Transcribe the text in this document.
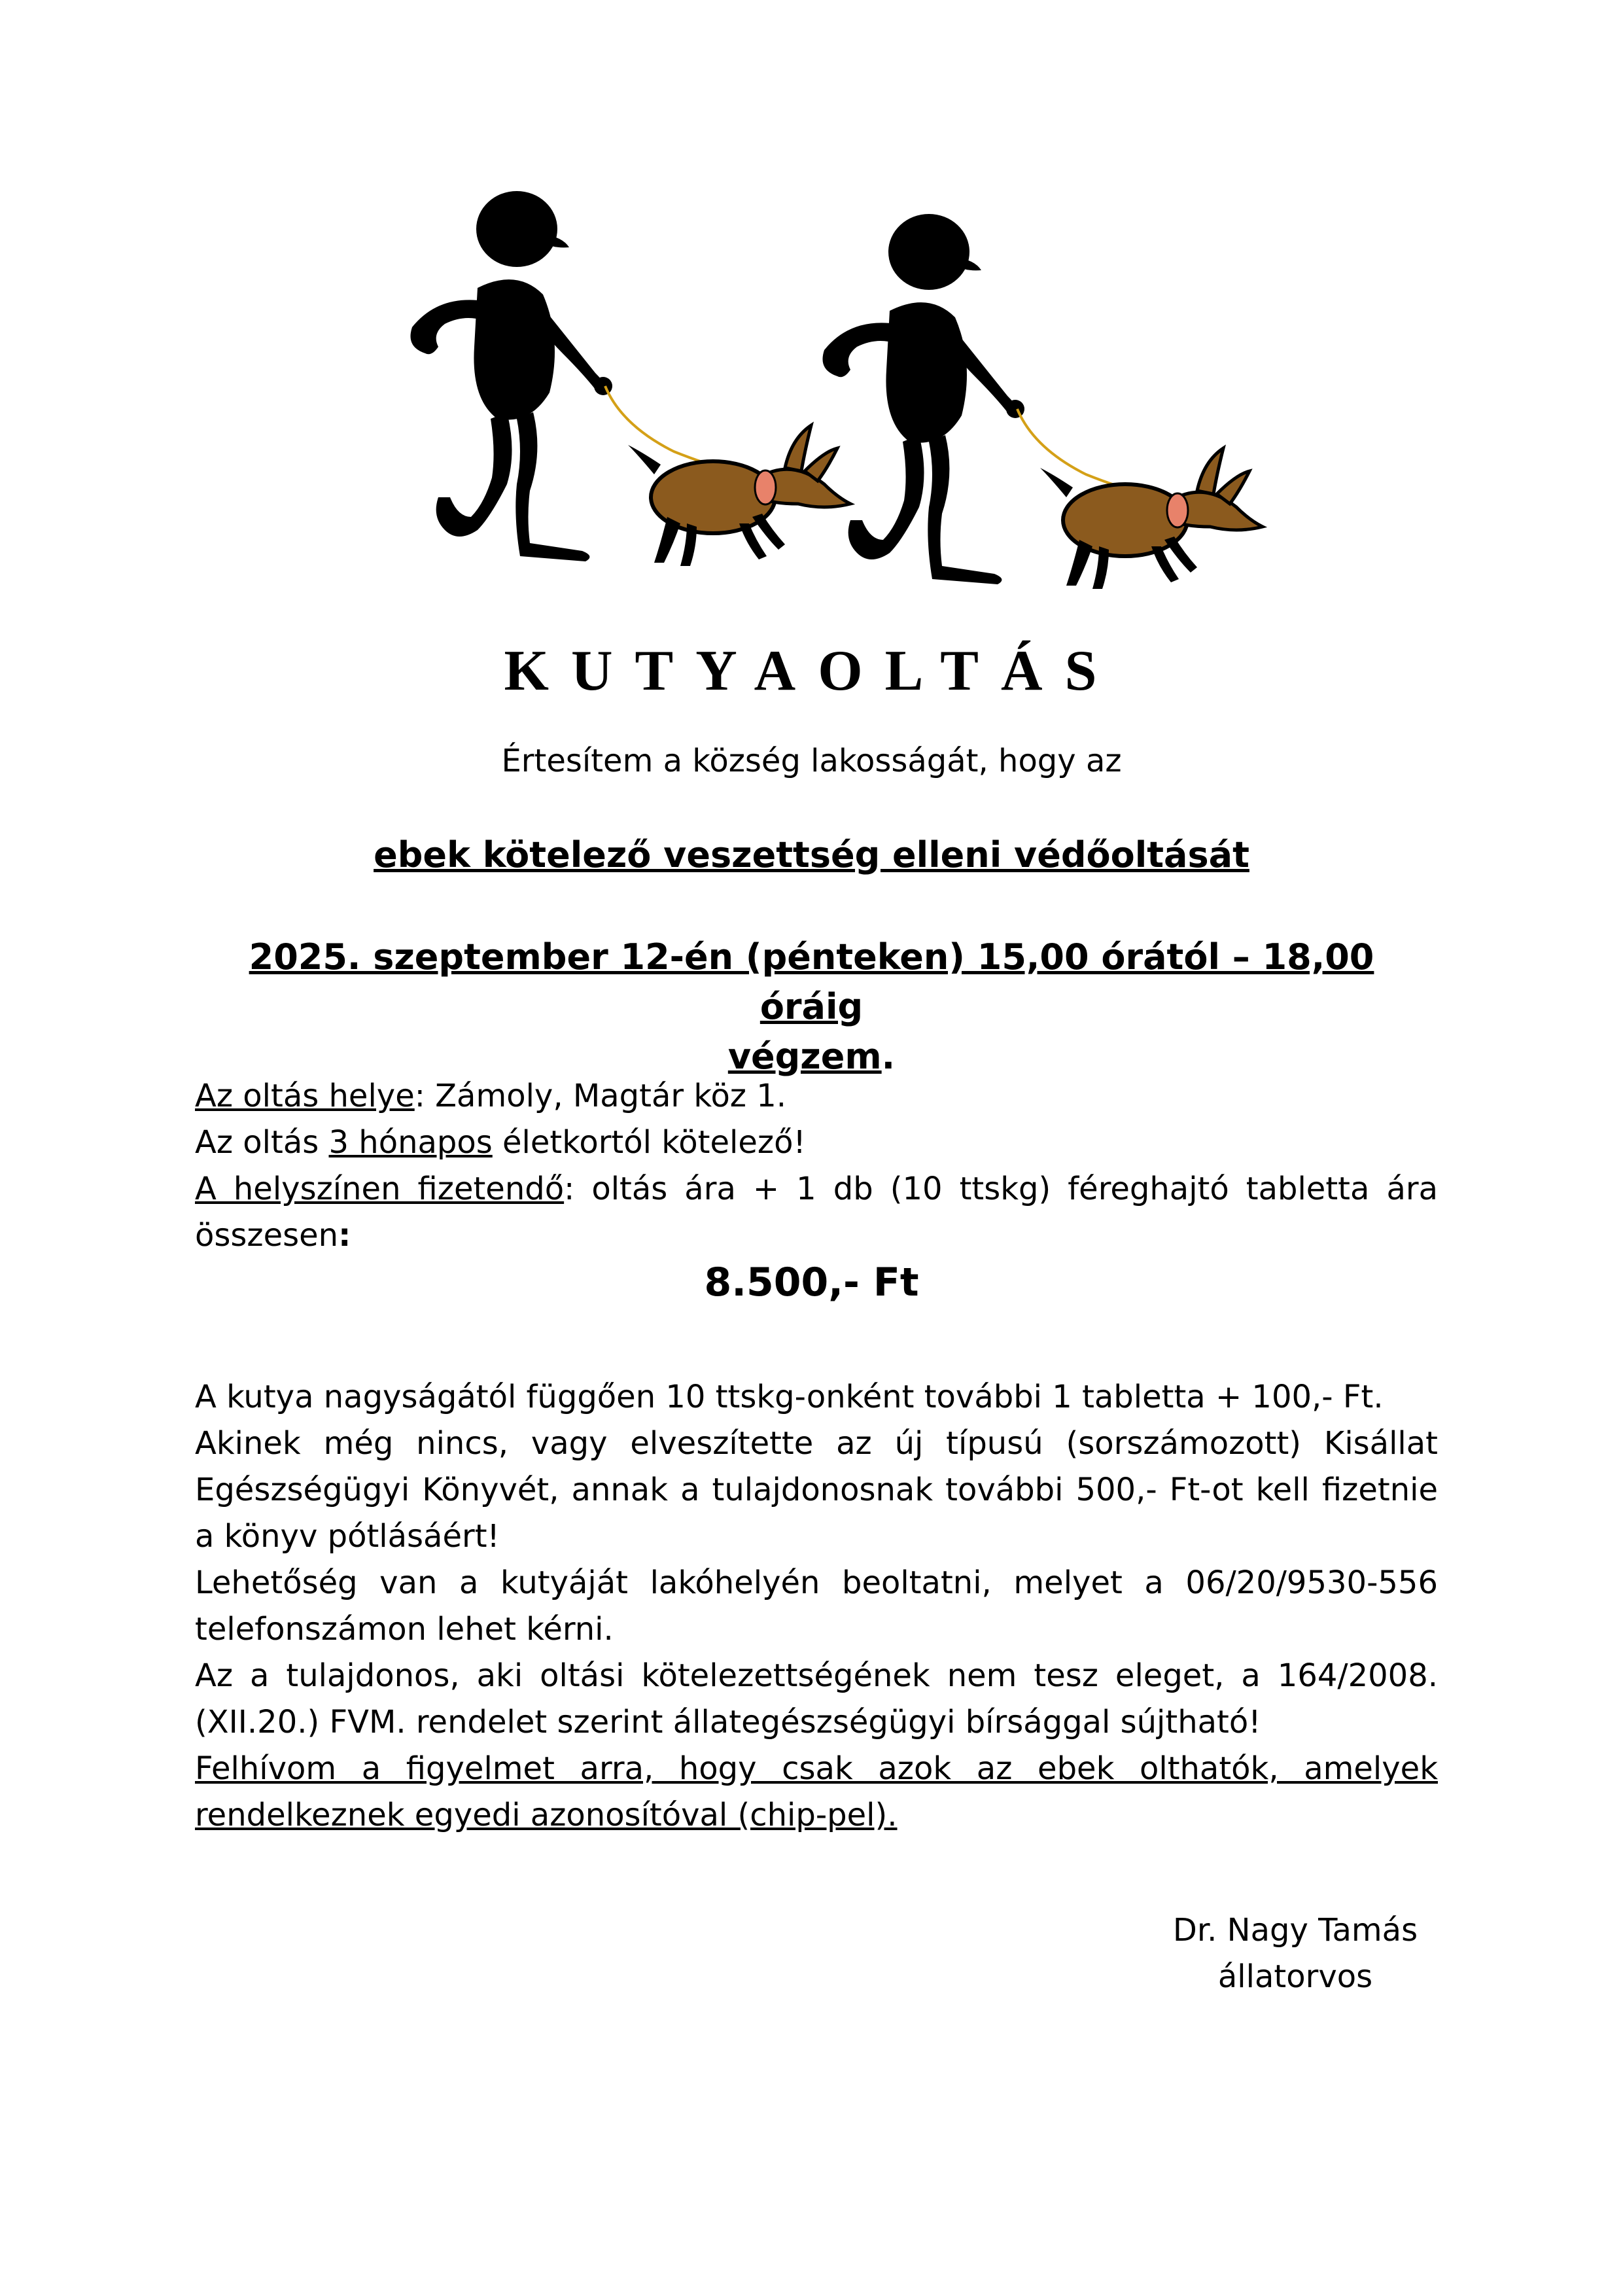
KUTYAOLTÁS

Értesítem a község lakosságát, hogy az

ebek kötelező veszettség elleni védőoltását

2025. szeptember 12-én (pénteken) 15,00 órától – 18,00 óráig
végzem.

Az oltás helye: Zámoly, Magtár köz 1.

Az oltás 3 hónapos életkortól kötelező!

A helyszínen fizetendő: oltás ára + 1 db (10 ttskg) féreghajtó tabletta ára összesen:

8.500,- Ft

A kutya nagyságától függően 10 ttskg-onként további 1 tabletta + 100,- Ft.

Akinek még nincs, vagy elveszítette az új típusú (sorszámozott) Kisállat Egészségügyi Könyvét, annak a tulajdonosnak további 500,- Ft-ot kell fizetnie a könyv pótlásáért!

Lehetőség van a kutyáját lakóhelyén beoltatni, melyet a 06/20/9530-556 telefonszámon lehet kérni.

Az a tulajdonos, aki oltási kötelezettségének nem tesz eleget, a 164/2008. (XII.20.) FVM. rendelet szerint állategészségügyi bírsággal sújtható!

Felhívom a figyelmet arra, hogy csak azok az ebek olthatók, amelyek rendelkeznek egyedi azonosítóval (chip-pel).

Dr. Nagy Tamás
állatorvos
